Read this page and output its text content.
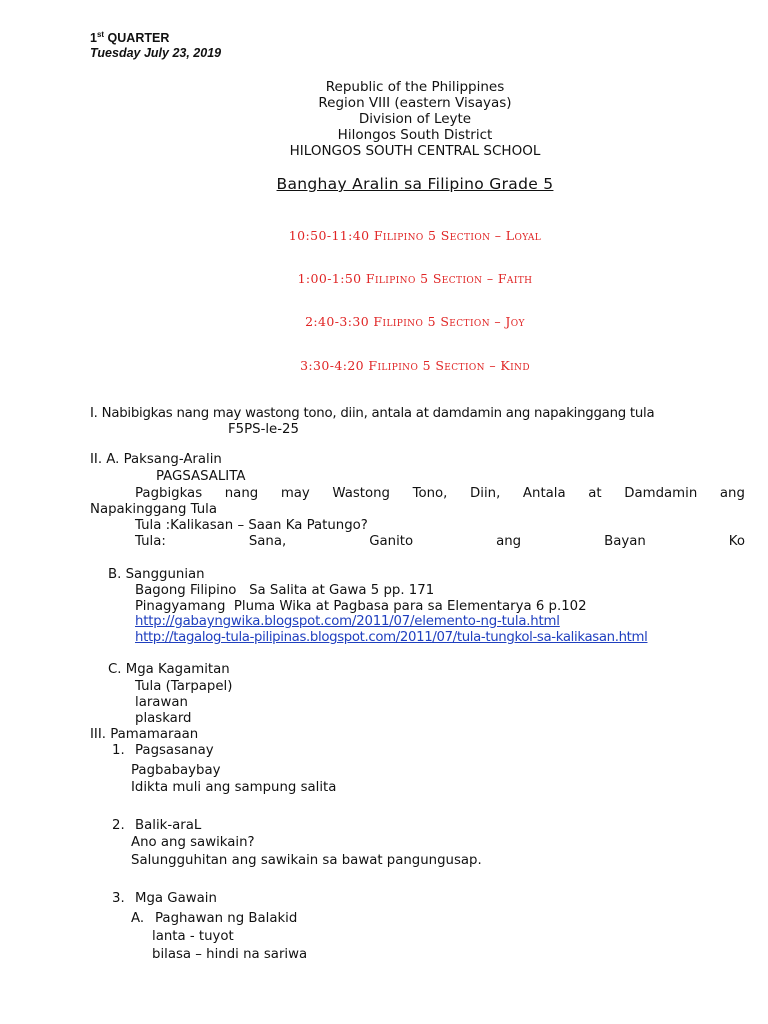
1st QUARTER
Tuesday July 23, 2019
Republic of the Philippines
Region VIII (eastern Visayas)
Division of Leyte
Hilongos South District
HILONGOS SOUTH CENTRAL SCHOOL
Banghay Aralin sa Filipino Grade 5
10:50-11:40 Filipino 5 Section – Loyal
1:00-1:50 Filipino 5 Section – Faith
2:40-3:30 Filipino 5 Section – Joy
3:30-4:20 Filipino 5 Section – Kind
I. Nabibigkas nang may wastong tono, diin, antala at damdamin ang napakinggang tula
F5PS-le-25
II. A. Paksang-Aralin
PAGSASALITA
Pagbigkas nang may Wastong Tono, Diin, Antala at Damdamin ang
Napakinggang Tula
Tula :Kalikasan – Saan Ka Patungo?
Tula:	Sana,	Ganito	ang	Bayan	Ko
B. Sanggunian
Bagong Filipino   Sa Salita at Gawa 5 pp. 171
Pinagyamang  Pluma Wika at Pagbasa para sa Elementarya 6 p.102
http://gabayngwika.blogspot.com/2011/07/elemento-ng-tula.html
http://tagalog-tula-pilipinas.blogspot.com/2011/07/tula-tungkol-sa-kalikasan.html
C. Mga Kagamitan
Tula (Tarpapel)
larawan
plaskard
III. Pamamaraan
1. Pagsasanay
Pagbabaybay
Idikta muli ang sampung salita
2. Balik-araL
Ano ang sawikain?
Salungguhitan ang sawikain sa bawat pangungusap.
3. Mga Gawain
A. Paghawan ng Balakid
lanta - tuyot
bilasa – hindi na sariwa
